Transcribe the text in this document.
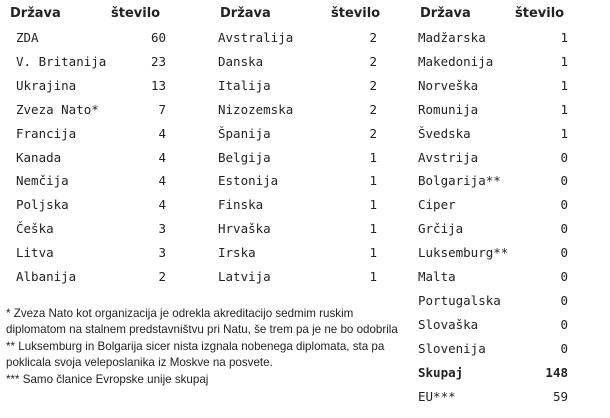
Država	število
ZDA	60
V. Britanija	23
Ukrajina	13
Zveza Nato*	7
Francija	4
Kanada	4
Nemčija	4
Poljska	4
Češka	3
Litva	3
Albanija	2
Država	število
Avstralija	2
Danska	2
Italija	2
Nizozemska	2
Španija	2
Belgija	1
Estonija	1
Finska	1
Hrvaška	1
Irska	1
Latvija	1
Država	število
Madžarska	1
Makedonija	1
Norveška	1
Romunija	1
Švedska	1
Avstrija	0
Bolgarija**	0
Ciper	0
Grčija	0
Luksemburg**	0
Malta	0
Portugalska	0
Slovaška	0
Slovenija	0
Skupaj	148
EU***	59
* Zveza Nato kot organizacija je odrekla akreditacijo sedmim ruskim
diplomatom na stalnem predstavništvu pri Natu, še trem pa je ne bo odobrila
** Luksemburg in Bolgarija sicer nista izgnala nobenega diplomata, sta pa
poklicala svoja veleposlanika iz Moskve na posvete.
*** Samo članice Evropske unije skupaj
